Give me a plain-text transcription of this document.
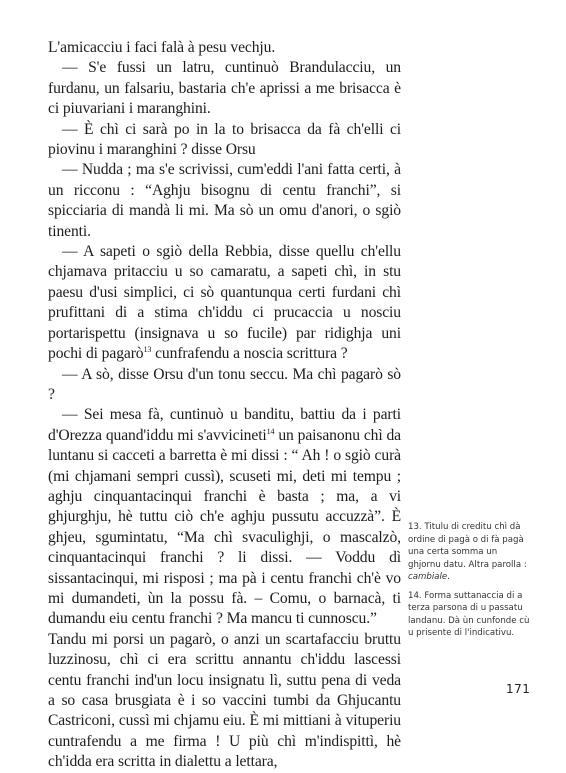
L'amicacciu i faci falà à pesu vechju.

— S'e fussi un latru, cuntinuò Brandulacciu, un furdanu, un falsariu, bastaria ch'e aprissi a me brisacca è ci piuvariani i maranghini.

— È chì ci sarà po in la to brisacca da fà ch'elli ci piovinu i maranghini ? disse Orsu

— Nudda ; ma s'e scrivissi, cum'eddi l'ani fatta certi, à un ricconu : “Aghju bisognu di centu franchi”, si spicciaria di mandà li mi. Ma sò un omu d'anori, o sgiò tinenti.

— A sapeti o sgiò della Rebbia, disse quellu ch'ellu chjamava pritacciu u so camaratu, a sapeti chì, in stu paesu d'usi simplici, ci sò quantunqua certi furdani chì prufittani di a stima ch'iddu ci prucaccia u nosciu portarispettu (insignava u so fucile) par ridighja uni pochi di pagarò$^{13}$ cunfrafendu a noscia scrittura ?

— A sò, disse Orsu d'un tonu seccu. Ma chì pagarò sò ?

— Sei mesa fà, cuntinuò u banditu, battiu da i parti d'Orezza quand'iddu mi s'avvicineti$^{14}$ un paisanonu chì da luntanu si cacceti a barretta è mi dissi : “ Ah ! o sgiò curà (mi chjamani sempri cussì), scuseti mi, deti mi tempu ; aghju cinquantacinqui franchi è basta ; ma, a vi ghjurghju, hè tuttu ciò ch'e aghju pussutu accuzzà”. È ghjeu, sgumintatu, “Ma chì svaculighji, o mascalzò, cinquantacinqui franchi ? li dissi. — Voddu dì sissantacinqui, mi risposi ; ma pà i centu franchi ch'è vo mi dumandeti, ùn la possu fà. – Comu, o barnacà, ti dumandu eiu centu franchi ? Ma mancu ti cunnoscu.”

Tandu mi porsi un pagarò, o anzi un scartafacciu bruttu luzzinosu, chì ci era scrittu annantu ch'iddu lascessi centu franchi ind'un locu insignatu lì, suttu pena di veda a so casa brusgiata è i so vaccini tumbi da Ghjucantu Castriconi, cussì mi chjamu eiu. È mi mittiani à vituperiu cuntrafendu a me firma ! U più chì m'indispittì, hè ch'idda era scritta in dialettu a lettara,

13. Titulu di creditu chì dà ordine di pagà o di fà pagà una certa somma un ghjornu datu. Altra parolla : cambiale.

14. Forma suttanaccia di a terza parsona di u passatu landanu. Dà ùn cunfonde cù u prisente di l'indicativu.

171
